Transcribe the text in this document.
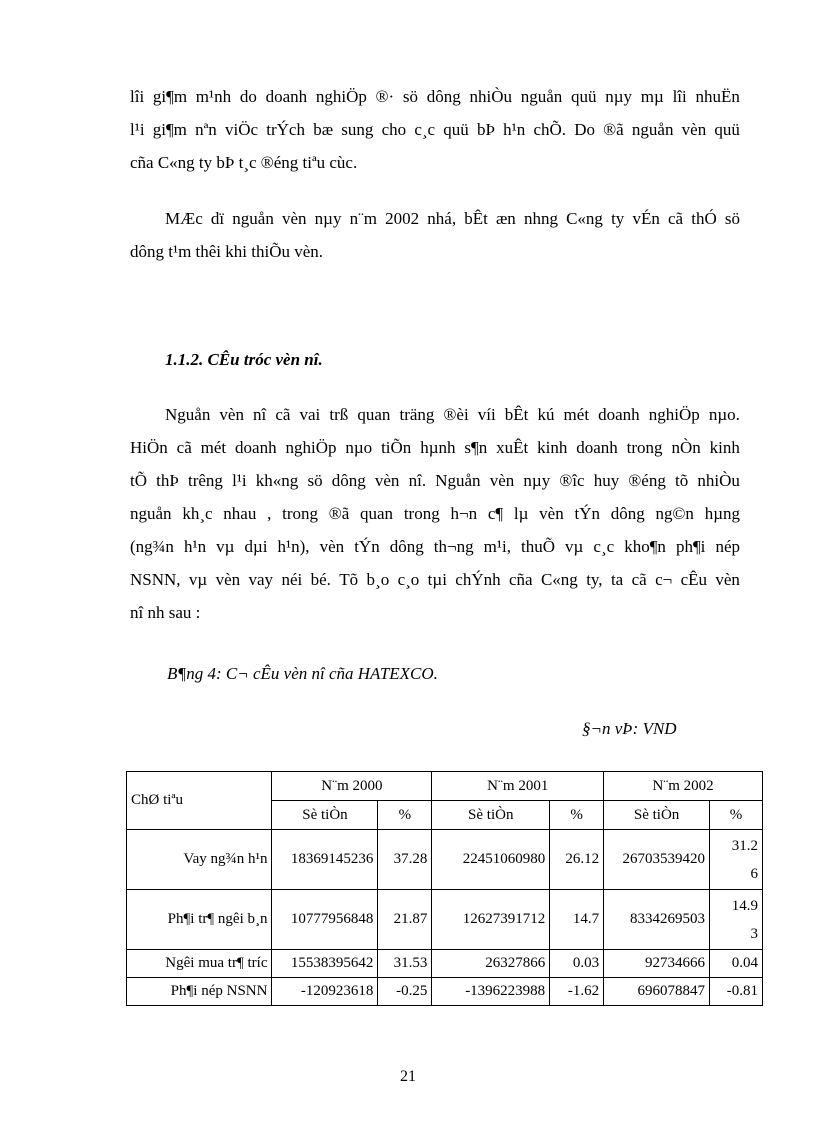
lîi gi¶m m¹nh do doanh nghiÖp ®· sö dông nhiÒu nguån quü nµy mµ lîi nhuËn
l¹i gi¶m nªn viÖc trÝch bæ sung cho c¸c quü bÞ h¹n chÕ. Do ®ã nguån vèn quü
cña C«ng ty bÞ t¸c ®éng tiªu cùc.
MÆc dï nguån vèn nµy n¨m 2002 nhá, bÊt æn nhng C«ng ty vÉn cã thÓ sö
dông t¹m thêi khi thiÕu vèn.

1.1.2. CÊu tróc vèn nî.

Nguån vèn nî cã vai trß quan träng ®èi víi bÊt kú mét doanh nghiÖp nµo.
HiÖn cã mét doanh nghiÖp nµo tiÕn hµnh s¶n xuÊt kinh doanh trong nÒn kinh
tÕ thÞ trêng l¹i kh«ng sö dông vèn nî. Nguån vèn nµy ®îc huy ®éng tõ nhiÒu
nguån kh¸c nhau , trong ®ã quan trong h¬n c¶ lµ vèn tÝn dông ng©n hµng
(ng¾n h¹n vµ dµi h¹n), vèn tÝn dông th¬ng m¹i, thuÕ vµ c¸c kho¶n ph¶i nép
NSNN, vµ vèn vay néi bé. Tõ b¸o c¸o tµi chÝnh cña C«ng ty, ta cã c¬ cÊu vèn
nî nh sau :

B¶ng 4: C¬ cÊu vèn nî cña HATEXCO.

§¬n vÞ: VND

ChØ tiªu	N¨m 2000		N¨m 2001		N¨m 2002	
	Sè tiÒn	%	Sè tiÒn	%	Sè tiÒn	%
Vay ng¾n h¹n	18369145236	37.28	22451060980	26.12	26703539420	31.2
6

Ph¶i tr¶ ngêi b¸n	10777956848	21.87	12627391712	14.7	8334269503	14.9
3

Ngêi mua tr¶ tríc	15538395642	31.53	26327866	0.03	92734666	0.04
Ph¶i nép NSNN	-120923618	-0.25	-1396223988	-1.62	696078847	-0.81

21
